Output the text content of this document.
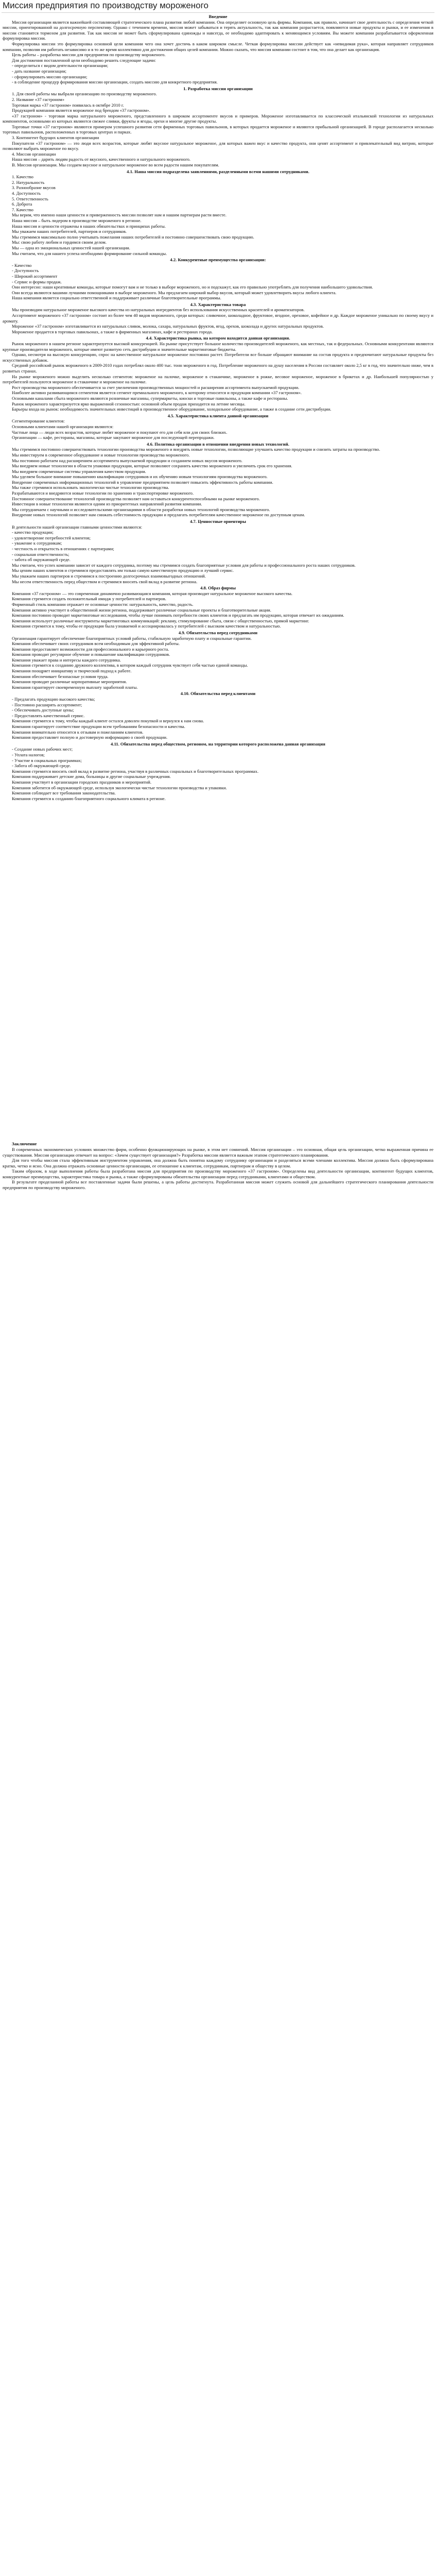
Миссия предприятия по производству мороженого

Введение

Миссия организации является важнейшей составляющей стратегического плана развития любой компании. Она определяет основную цель фирмы. Компания, как правило, начинает свое деятельность с определения четкой миссии, ориентированной на долгосрочную перспективу. Однако с течением времени, миссия может забываться и терять актуальность, так как компания разрастается, появляются новые продукты и рынки, и ее изменения в миссии становятся тормозом для развития. Так как миссия не может быть сформулирована единожды и навсегда, ее необходимо адаптировать к меняющимся условиям. Вы можете компании разрабатывается оформленная формулировка миссии.

Формулировка миссии это формулировка основной цели компании чего она хочет достичь в каком широком смысле. Четкая формулировка миссии действует как «невидимая рука», которая направляет сотрудников компании, позволяя им работать независимо и в то же время коллективно для достижения общих целей компании. Можно сказать, что миссия компании состоит в том, что она делает как организация.

Цель работы – разработка миссии для предприятия по производству мороженого.

Для достижения поставленной цели необходимо решить следующие задачи:

- определиться с видом деятельности организации;

- дать название организации;

- сформулировать миссию организации;

- в соблюдение процедур формирования миссии организации, создать миссию для конкретного предприятия.

1. Разработка миссии организации

1. Для своей работы мы выбрали организацию по производству мороженого.

2. Название «37 гастроном»

Торговая марка «37 гастроном» появилась в октябре 2010 г.

Продукцией компании является мороженое под брендом «37 гастроном».

«37 гастроном» - торговая марка натурального мороженого, представленного в широком ассортименте вкусов и примеров. Мороженое изготавливается по классической итальянской технологии из натуральных компонентов, основными из которых являются свежее сливки, фрукты и ягоды, орехи и многие другие продукты.

Торговые точки «37 гастроном» являются примером успешного развития сети фирменных торговых павильонов, в которых продается мороженое и являются прибыльной организацией. В городе располагается несколько торговых павильонов, расположенных в торговых центрах и парках.

3. Контингент будущих клиентов организации

Покупатели «37 гастроном» — это люди всех возрастов, которые любят вкусное натуральное мороженое, для которых важен вкус и качество продукта, они ценят ассортимент и привлекательный вид витрин, которые позволяют выбрать мороженое по вкусу.

4. Миссия организации

Наша миссия – дарить людям радость от вкусного, качественного и натурального мороженого.

В. Миссия организации. Мы создаем вкусное и натуральное мороженое во всем радости нашим покупателям.

4.1. Наша миссия подразделена заявлениями, разделенными всеми нашими сотрудниками.

1. Качество

2. Натуральность

3. Разнообразие вкусов

4. Доступность

5. Ответственность

6. Доброта

7. Качество

Мы верим, что именно наши ценности и приверженность миссии позволят нам и нашим партнерам расти вместе.

Наша миссия – быть лидером в производстве мороженого в регионе.

Наша миссия и ценности отражены в наших обязательствах и принципах работы.

Мы уважаем наших потребителей, партнеров и сотрудников.

Мы стремимся максимально полно учитывать пожелания наших потребителей и постоянно совершенствовать свою продукцию.

Мы: свою работу любим и гордимся своим делом.

Мы — одна из эмоциональных ценностей нашей организации.

Мы считаем, что для нашего успеха необходимо формирование сильной команды.

4.2. Конкурентные преимущества организации:

- Качество

- Доступность

- Широкий ассортимент

- Сервис и формы продаж.

Они интересно: наши креативные команды, которые помогут вам и не только в выборе мороженого, но и подскажут, как его правильно употреблять для получения наибольшего удовольствия.

Они всегда являются вашими лучшими помощниками в выборе мороженого. Мы предлагаем широкий выбор вкусов, который может удовлетворить вкусы любого клиента.

Наша компания является социально ответственной и поддерживает различные благотворительные программы.

4.3. Характеристика товара

Мы производим натуральное мороженое высокого качества из натуральных ингредиентов без использования искусственных красителей и ароматизаторов.

Ассортимент мороженого «37 гастроном» состоит из более чем 40 видов мороженого, среди которых: сливочное, шоколадное, фруктовое, ягодное, ореховое, кофейное и др. Каждое мороженое уникально по своему вкусу и аромату.

Мороженое «37 гастроном» изготавливается из натуральных сливок, молока, сахара, натуральных фруктов, ягод, орехов, шоколада и других натуральных продуктов.

Мороженое продается в торговых павильонах, а также в фирменных магазинах, кафе и ресторанах города.

4.4. Характеристика рынка, на котором находится данная организация.

Рынок мороженого в нашем регионе характеризуется высокой конкуренцией. На рынке присутствует большое количество производителей мороженого, как местных, так и федеральных. Основными конкурентами являются крупные производители мороженого, которые имеют развитую сеть дистрибуции и значительные маркетинговые бюджеты.

Однако, несмотря на высокую конкуренцию, спрос на качественное натуральное мороженое постоянно растет. Потребители все больше обращают внимание на состав продукта и предпочитают натуральные продукты без искусственных добавок.

Средний российский рынок мороженого в 2009-2010 годах потреблял около 400 тыс. тонн мороженого в год. Потребление мороженого на душу населения в России составляет около 2,5 кг в год, что значительно ниже, чем в развитых странах.

На рынке мороженого можно выделить несколько сегментов: мороженое на палочке, мороженое в стаканчике, мороженое в рожке, весовое мороженое, мороженое в брикетах и др. Наибольшей популярностью у потребителей пользуются мороженое в стаканчике и мороженое на палочке.

Рост производства мороженого обеспечивается за счет увеличения производственных мощностей и расширения ассортимента выпускаемой продукции.

Наиболее активно развивающимся сегментом является сегмент премиального мороженого, к которому относится и продукция компании «37 гастроном».

Основными каналами сбыта мороженого являются розничные магазины, супермаркеты, киоски и торговые павильоны, а также кафе и рестораны.

Рынок мороженого характеризуется ярко выраженной сезонностью: основной объем продаж приходится на летние месяцы.

Барьеры входа на рынок: необходимость значительных инвестиций в производственное оборудование, холодильное оборудование, а также в создание сети дистрибуции.

4.5. Характеристика клиента данной организации

Сегментирование клиентов:

Основными клиентами нашей организации являются:

Частные лица — люди всех возрастов, которые любят мороженое и покупают его для себя или для своих близких.

Организации — кафе, рестораны, магазины, которые закупают мороженое для последующей перепродажи.

4.6. Политика организации в отношении внедрения новых технологий.

Мы стремимся постоянно совершенствовать технологии производства мороженого и внедрять новые технологии, позволяющие улучшить качество продукции и снизить затраты на производство.

Мы инвестируем в современное оборудование и новые технологии производства мороженого.

Мы постоянно работаем над расширением ассортимента выпускаемой продукции и созданием новых вкусов мороженого.

Мы внедряем новые технологии в области упаковки продукции, которые позволяют сохранить качество мороженого и увеличить срок его хранения.

Мы внедряем современные системы управления качеством продукции.

Мы уделяем большое внимание повышению квалификации сотрудников и их обучению новым технологиям производства мороженого.

Внедрение современных информационных технологий в управление предприятием позволяет повысить эффективность работы компании.

Мы также стремимся использовать экологически чистые технологии производства.

Разрабатываются и внедряются новые технологии по хранению и транспортировке мороженого.

Постоянное совершенствование технологий производства позволяет нам оставаться конкурентоспособными на рынке мороженого.

Инвестиции в новые технологии являются одним из приоритетных направлений развития компании.

Мы сотрудничаем с научными и исследовательскими организациями в области разработки новых технологий производства мороженого.

Внедрение новых технологий позволяет нам снижать себестоимость продукции и предлагать потребителям качественное мороженое по доступным ценам.

4.7. Ценностные ориентиры

В деятельности нашей организации главными ценностями являются:

- качество продукции;

- удовлетворение потребностей клиентов;

- уважение к сотрудникам;

- честность и открытость в отношениях с партнерами;

- социальная ответственность;

- забота об окружающей среде.

Мы считаем, что успех компании зависит от каждого сотрудника, поэтому мы стремимся создать благоприятные условия для работы и профессионального роста наших сотрудников.

Мы ценим наших клиентов и стремимся предоставлять им только самую качественную продукцию и лучший сервис.

Мы уважаем наших партнеров и стремимся к построению долгосрочных взаимовыгодных отношений.

Мы несем ответственность перед обществом и стремимся вносить свой вклад в развитие региона.

4.8. Образ фирмы

Компания «37 гастроном» — это современная динамично развивающаяся компания, которая производит натуральное мороженое высокого качества.

Компания стремится создать положительный имидж у потребителей и партнеров.

Фирменный стиль компании отражает ее основные ценности: натуральность, качество, радость.

Компания активно участвует в общественной жизни региона, поддерживает различные социальные проекты и благотворительные акции.

Компания постоянно проводит маркетинговые исследования, чтобы лучше понимать потребности своих клиентов и предлагать им продукцию, которая отвечает их ожиданиям.

Компания использует различные инструменты маркетинговых коммуникаций: рекламу, стимулирование сбыта, связи с общественностью, прямой маркетинг.

Компания стремится к тому, чтобы ее продукция была узнаваемой и ассоциировалась у потребителей с высоким качеством и натуральностью.

4.9. Обязательства перед сотрудниками

Организация гарантирует обеспечение благоприятных условий работы, стабильную заработную плату и социальные гарантии.

Компания обеспечивает своих сотрудников всем необходимым для эффективной работы.

Компания предоставляет возможности для профессионального и карьерного роста.

Компания проводит регулярное обучение и повышение квалификации сотрудников.

Компания уважает права и интересы каждого сотрудника.

Компания стремится к созданию дружного коллектива, в котором каждый сотрудник чувствует себя частью единой команды.

Компания поощряет инициативу и творческий подход к работе.

Компания обеспечивает безопасные условия труда.

Компания проводит различные корпоративные мероприятия.

Компания гарантирует своевременную выплату заработной платы.

4.10. Обязательства перед клиентами

- Предлагать продукцию высокого качества;

- Постоянно расширять ассортимент;

- Обеспечивать доступные цены;

- Предоставлять качественный сервис.

Компания стремится к тому, чтобы каждый клиент остался доволен покупкой и вернулся к нам снова.

Компания гарантирует соответствие продукции всем требованиям безопасности и качества.

Компания внимательно относится к отзывам и пожеланиям клиентов.

Компания предоставляет полную и достоверную информацию о своей продукции.

4.11. Обязательства перед обществом, регионом, на территории которого расположена данная организация

- Создание новых рабочих мест;

- Уплата налогов;

- Участие в социальных программах;

- Забота об окружающей среде.

Компания стремится вносить свой вклад в развитие региона, участвуя в различных социальных и благотворительных программах.

Компания поддерживает детские дома, больницы и другие социальные учреждения.

Компания участвует в организации городских праздников и мероприятий.

Компания заботится об окружающей среде, используя экологически чистые технологии производства и упаковки.

Компания соблюдает все требования законодательства.

Компания стремится к созданию благоприятного социального климата в регионе.

Заключение

В современных экономических условиях множество фирм, особенно функционирующих на рынке, в этом нет сомнений. Миссия организации – это основная, общая цель организации, четко выраженная причина ее существования. Миссия организации отвечает на вопрос: «Зачем существует организация?» Разработка миссии является важным этапом стратегического планирования.

Для того чтобы миссия стала эффективным инструментом управления, она должна быть понятна каждому сотруднику организации и разделяться всеми членами коллектива. Миссия должна быть сформулирована кратко, четко и ясно. Она должна отражать основные ценности организации, ее отношение к клиентам, сотрудникам, партнерам и обществу в целом.

Таким образом, в ходе выполнения работы была разработана миссия для предприятия по производству мороженого «37 гастроном». Определены вид деятельности организации, контингент будущих клиентов, конкурентные преимущества, характеристика товара и рынка, а также сформулированы обязательства организации перед сотрудниками, клиентами и обществом.

В результате проделанной работы все поставленные задачи были решены, а цель работы достигнута. Разработанная миссия может служить основой для дальнейшего стратегического планирования деятельности предприятия по производству мороженого.
